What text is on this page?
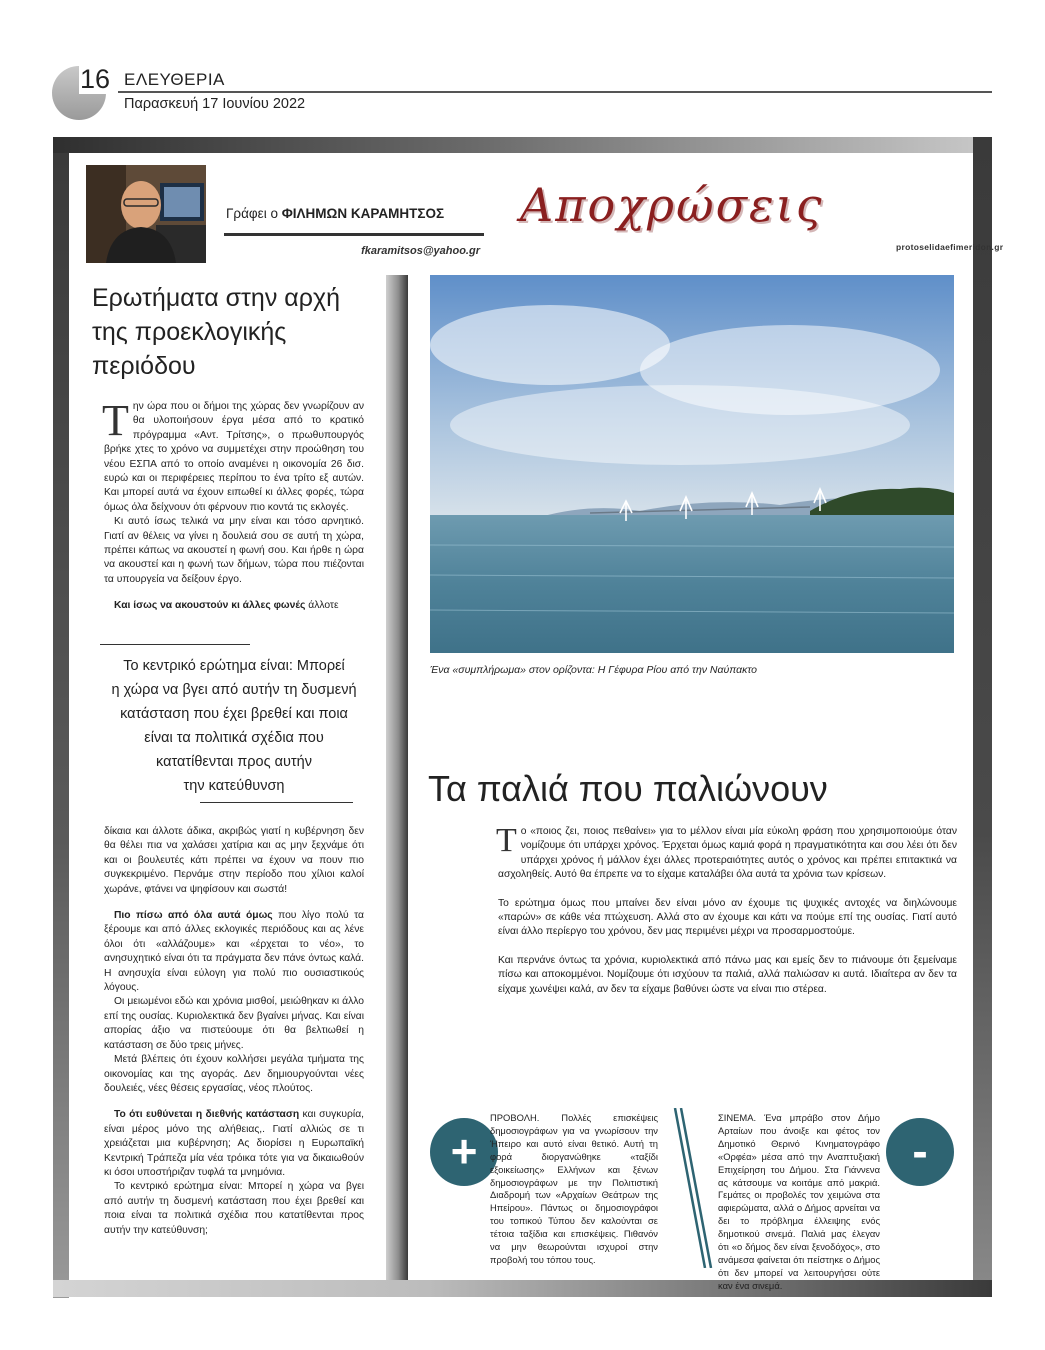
16 ΕΛΕΥΘΕΡΙΑ
Παρασκευή 17 Ιουνίου 2022
Γράφει ο ΦΙΛΗΜΩΝ ΚΑΡΑΜΗΤΣΟΣ
fkaramitsos@yahoo.gr
Αποχρώσεις
protoselidaefimeridon.gr
Ερωτήματα στην αρχή
της προεκλογικής
περιόδου

Την ώρα που οι δήμοι της χώρας δεν γνωρίζουν αν θα υλοποιήσουν έργα μέσα από το κρατικό πρόγραμμα «Αντ. Τρίτσης», ο πρωθυπουργός βρήκε χτες το χρόνο να συμμετέχει στην προώθηση του νέου ΕΣΠΑ από το οποίο αναμένει η οικονομία 26 δισ. ευρώ και οι περιφέρειες περίπου το ένα τρίτο εξ αυτών. Και μπορεί αυτά να έχουν ειπωθεί κι άλλες φορές, τώρα όμως όλα δείχνουν ότι φέρνουν πιο κοντά τις εκλογές.

Κι αυτό ίσως τελικά να μην είναι και τόσο αρνητικό. Γιατί αν θέλεις να γίνει η δουλειά σου σε αυτή τη χώρα, πρέπει κάπως να ακουστεί η φωνή σου. Και ήρθε η ώρα να ακουστεί και η φωνή των δήμων, τώρα που πιέζονται τα υπουργεία να δείξουν έργο.

Και ίσως να ακουστούν κι άλλες φωνές άλλοτε

Το κεντρικό ερώτημα είναι: Μπορεί
η χώρα να βγει από αυτήν τη δυσμενή
κατάσταση που έχει βρεθεί και ποια
είναι τα πολιτικά σχέδια που
κατατίθενται προς αυτήν
την κατεύθυνση

δίκαια και άλλοτε άδικα, ακριβώς γιατί η κυβέρνηση δεν θα θέλει πια να χαλάσει χατίρια και ας μην ξεχνάμε ότι και οι βουλευτές κάτι πρέπει να έχουν να πουν πιο συγκεκριμένο. Περνάμε στην περίοδο που χίλιοι καλοί χωράνε, φτάνει να ψηφίσουν και σωστά!

Πιο πίσω από όλα αυτά όμως που λίγο πολύ τα ξέρουμε και από άλλες εκλογικές περιόδους και ας λένε όλοι ότι «αλλάζουμε» και «έρχεται το νέο», το ανησυχητικό είναι ότι τα πράγματα δεν πάνε όντως καλά. Η ανησυχία είναι εύλογη για πολύ πιο ουσιαστικούς λόγους.

Οι μειωμένοι εδώ και χρόνια μισθοί, μειώθηκαν κι άλλο επί της ουσίας. Κυριολεκτικά δεν βγαίνει μήνας. Και είναι απορίας άξιο να πιστεύουμε ότι θα βελτιωθεί η κατάσταση σε δύο τρεις μήνες.

Μετά βλέπεις ότι έχουν κολλήσει μεγάλα τμήματα της οικονομίας και της αγοράς. Δεν δημιουργούνται νέες δουλειές, νέες θέσεις εργασίας, νέος πλούτος.

Το ότι ευθύνεται η διεθνής κατάσταση και συγκυρία, είναι μέρος μόνο της αλήθειας,. Γιατί αλλιώς σε τι χρειάζεται μια κυβέρνηση; Ας διορίσει η Ευρωπαϊκή Κεντρική Τράπεζα μία νέα τρόικα τότε για να δικαιωθούν κι όσοι υποστήριζαν τυφλά τα μνημόνια.

Το κεντρικό ερώτημα είναι: Μπορεί η χώρα να βγει από αυτήν τη δυσμενή κατάσταση που έχει βρεθεί και ποια είναι τα πολιτικά σχέδια που κατατίθενται προς αυτήν την κατεύθυνση;

Ένα «συμπλήρωμα» στον ορίζοντα: Η Γέφυρα Ρίου από την Ναύπακτο
Τα παλιά που παλιώνουν

Το «ποιος ζει, ποιος πεθαίνει» για το μέλλον είναι μία εύκολη φράση που χρησιμοποιούμε όταν νομίζουμε ότι υπάρχει χρόνος. Έρχεται όμως καμιά φορά η πραγματικότητα και σου λέει ότι δεν υπάρχει χρόνος ή μάλλον έχει άλλες προτεραιότητες αυτός ο χρόνος και πρέπει επιτακτικά να ασχοληθείς. Αυτό θα έπρεπε να το είχαμε καταλάβει όλα αυτά τα χρόνια των κρίσεων.

Το ερώτημα όμως που μπαίνει δεν είναι μόνο αν έχουμε τις ψυχικές αντοχές να διηλώνουμε «παρών» σε κάθε νέα πτώχευση. Αλλά στο αν έχουμε και κάτι να πούμε επί της ουσίας. Γιατί αυτό είναι άλλο περίεργο του χρόνου, δεν μας περιμένει μέχρι να προσαρμοστούμε.

Και περνάνε όντως τα χρόνια, κυριολεκτικά από πάνω μας και εμείς δεν το πιάνουμε ότι ξεμείναμε πίσω και αποκομμένοι. Νομίζουμε ότι ισχύουν τα παλιά, αλλά παλιώσαν κι αυτά. Ιδιαίτερα αν δεν τα είχαμε χωνέψει καλά, αν δεν τα είχαμε βαθύνει ώστε να είναι πιο στέρεα.

+
ΠΡΟΒΟΛΗ. Πολλές επισκέψεις δημοσιογράφων για να γνωρίσουν την Ήπειρο και αυτό είναι θετικό. Αυτή τη φορά διοργανώθηκε «ταξίδι εξοικείωσης» Ελλήνων και ξένων δημοσιογράφων με την Πολιτιστική Διαδρομή των «Αρχαίων Θεάτρων της Ηπείρου». Πάντως οι δημοσιογράφοι του τοπικού Τύπου δεν καλούνται σε τέτοια ταξίδια και επισκέψεις. Πιθανόν να μην θεωρούνται ισχυροί στην προβολή του τόπου τους.
ΣΙΝΕΜΑ. Ένα μπράβο στον Δήμο Αρταίων που άνοιξε και φέτος τον Δημοτικό Θερινό Κινηματογράφο «Ορφέα» μέσα από την Αναπτυξιακή Επιχείρηση του Δήμου. Στα Γιάννενα ας κάτσουμε να κοιτάμε από μακριά. Γεμάτες οι προβολές τον χειμώνα στα αφιερώματα, αλλά ο Δήμος αρνείται να δει το πρόβλημα έλλειψης ενός δημοτικού σινεμά. Παλιά μας έλεγαν ότι «ο δήμος δεν είναι ξενοδόχος», στο ανάμεσα φαίνεται ότι πείστηκε ο Δήμος ότι δεν μπορεί να λειτουργήσει ούτε καν ένα σινεμά.
-
